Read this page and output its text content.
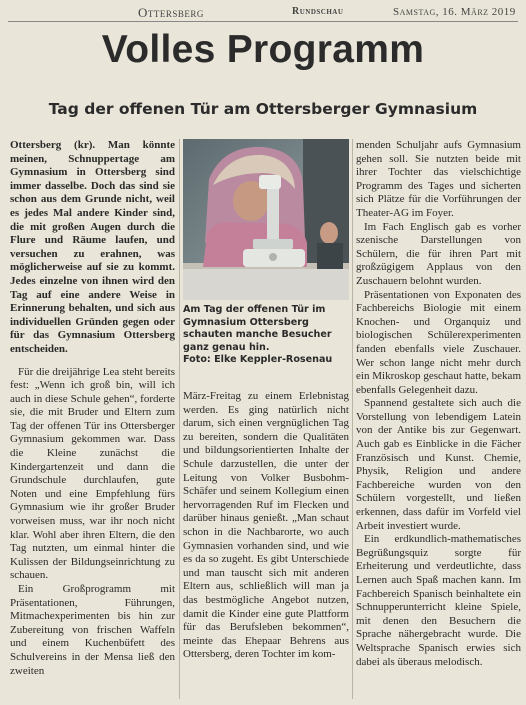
Ottersberg	Rundschau	Samstag, 16. März 2019
Volles Programm
Tag der offenen Tür am Ottersberger Gymnasium

Ottersberg (kr). Man könnte meinen, Schnuppertage am Gymnasium in Ottersberg sind immer dasselbe. Doch das sind sie schon aus dem Grunde nicht, weil es jedes Mal andere Kinder sind, die mit großen Augen durch die Flure und Räume laufen, und versuchen zu erahnen, was möglicherweise auf sie zu kommt. Jedes einzelne von ihnen wird den Tag auf eine andere Weise in Erinnerung behalten, und sich aus individuellen Gründen gegen oder für das Gymnasium Ottersberg entscheiden.

Für die dreijährige Lea steht bereits fest: „Wenn ich groß bin, will ich auch in diese Schule gehen“, forderte sie, die mit Bruder und Eltern zum Tag der offenen Tür ins Ottersberger Gymnasium gekommen war. Dass die Kleine zunächst die Kindergartenzeit und dann die Grundschule durchlaufen, gute Noten und eine Empfehlung fürs Gymnasium wie ihr großer Bruder vorweisen muss, war ihr noch nicht klar. Wohl aber ihren Eltern, die den Tag nutzten, um einmal hinter die Kulissen der Bildungseinrichtung zu schauen.

Ein Großprogramm mit Präsentationen, Führungen, Mitmachexperimenten bis hin zur Zubereitung von frischen Waffeln und einem Kuchenbüfett des Schulvereins in der Mensa ließ den zweiten

Am Tag der offenen Tür im Gymnasium Ottersberg schauten manche Besucher ganz genau hin.

Foto: Elke Keppler-Rosenau

März-Freitag zu einem Erlebnistag werden. Es ging natürlich nicht darum, sich einen vergnüglichen Tag zu bereiten, sondern die Qualitäten und bildungsorientierten Inhalte der Schule darzustellen, die unter der Leitung von Volker Busbohm-Schäfer und seinem Kollegium einen hervorragenden Ruf im Flecken und darüber hinaus genießt. „Man schaut schon in die Nachbarorte, wo auch Gymnasien vorhanden sind, und wie es da so zugeht. Es gibt Unterschiede und man tauscht sich mit anderen Eltern aus, schließlich will man ja das bestmögliche Angebot nutzen, damit die Kinder eine gute Plattform für das Berufsleben bekommen“, meinte das Ehepaar Behrens aus Ottersberg, deren Tochter im kom-

menden Schuljahr aufs Gymnasium gehen soll. Sie nutzten beide mit ihrer Tochter das vielschichtige Programm des Tages und sicherten sich Plätze für die Vorführungen der Theater-AG im Foyer.

Im Fach Englisch gab es vorher szenische Darstellungen von Schülern, die für ihren Part mit großzügigem Applaus von den Zuschauern belohnt wurden.

Präsentationen von Exponaten des Fachbereichs Biologie mit einem Knochen- und Organquiz und biologischen Schülerexperimenten fanden ebenfalls viele Zuschauer. Wer schon lange nicht mehr durch ein Mikroskop geschaut hatte, bekam ebenfalls Gelegenheit dazu.

Spannend gestaltete sich auch die Vorstellung von lebendigem Latein von der Antike bis zur Gegenwart. Auch gab es Einblicke in die Fächer Französisch und Kunst. Chemie, Physik, Religion und andere Fachbereiche wurden von den Schülern vorgestellt, und ließen erkennen, dass dafür im Vorfeld viel Arbeit investiert wurde.

Ein erdkundlich-mathematisches Begrüßungsquiz sorgte für Erheiterung und verdeutlichte, dass Lernen auch Spaß machen kann. Im Fachbereich Spanisch beinhaltete ein Schnupperunterricht kleine Spiele, mit denen den Besuchern die Sprache nähergebracht wurde. Die Weltsprache Spanisch erwies sich dabei als überaus melodisch.
